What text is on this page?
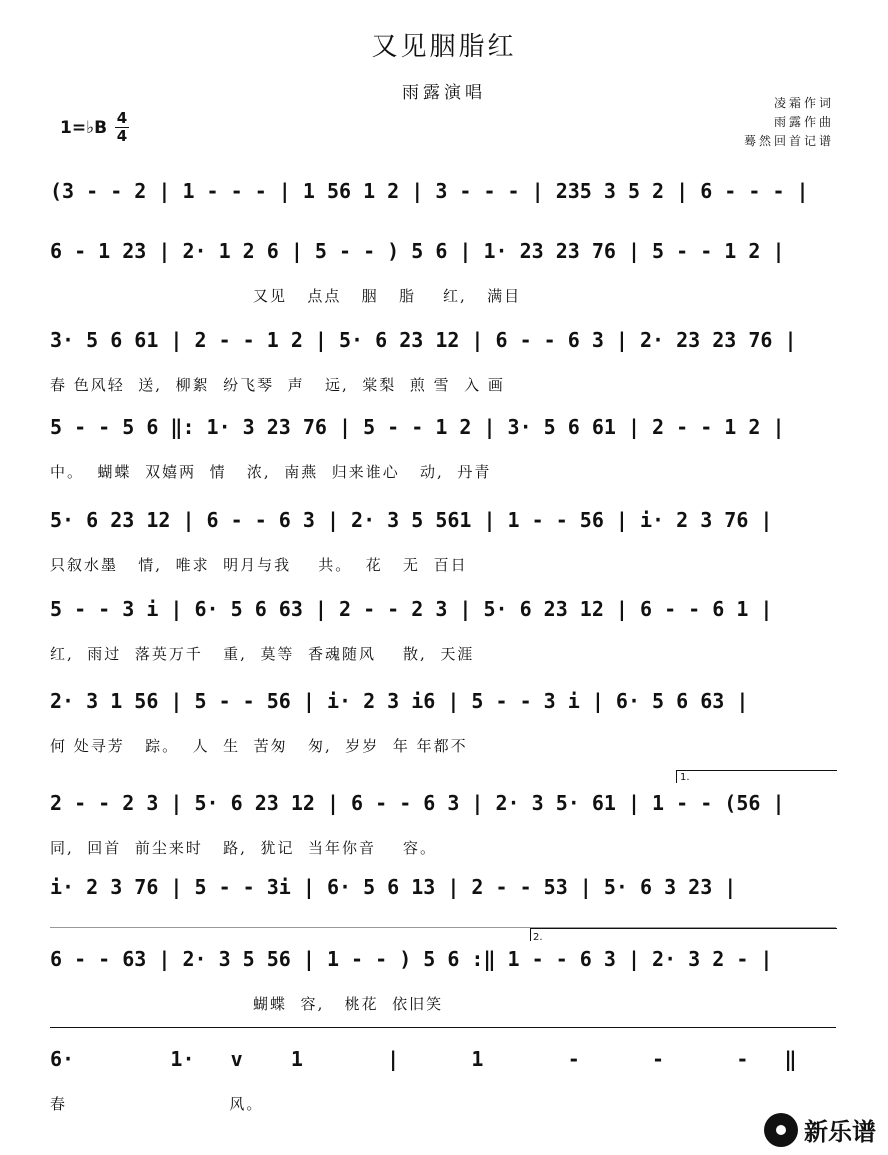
又见胭脂红
雨露演唱	凌霜作词
雨露作曲
蓦然回首记谱
1=♭B 4
4
(3 - - 2 | 1 - - - | 1 56 1 2 | 3 - - - | 235 3 5 2 | 6 - - - |
6 - 1 23 | 2· 1 2 6 | 5 - - ) 5 6 | 1· 23 23 76 | 5 - - 1 2 |
又见   点点   胭   脂    红,   满目
3· 5 6 61 | 2 - - 1 2 | 5· 6 23 12 | 6 - - 6 3 | 2· 23 23 76 |
春 色风轻  送,  柳絮  纷飞琴  声   远,  棠梨  煎 雪  入 画
5 - - 5 6 ‖: 1· 3 23 76 | 5 - - 1 2 | 3· 5 6 61 | 2 - - 1 2 |
中。  蝴蝶  双嬉两  情   浓,  南燕  归来谁心   动,  丹青
5· 6 23 12 | 6 - - 6 3 | 2· 3 5 561 | 1 - - 56 | i· 2 3 76 |
只叙水墨   情,  唯求  明月与我    共。  花   无  百日
5 - - 3 i | 6· 5 6 63 | 2 - - 2 3 | 5· 6 23 12 | 6 - - 6 1 |
红,  雨过  落英万千   重,  莫等  香魂随风    散,  天涯
2· 3 1 56 | 5 - - 56 | i· 2 3 i6 | 5 - - 3 i | 6· 5 6 63 |
何 处寻芳   踪。  人  生  苦匆   匆,  岁岁  年 年都不
1.
2 - - 2 3 | 5· 6 23 12 | 6 - - 6 3 | 2· 3 5· 61 | 1 - - (56 |
同,  回首  前尘来时   路,  犹记  当年你音    容。
i· 2 3 76 | 5 - - 3i | 6· 5 6 13 | 2 - - 53 | 5· 6 3 23 |
2.
6 - - 63 | 2· 3 5 56 | 1 - - ) 5 6 :‖ 1 - - 6 3 | 2· 3 2 - |
蝴蝶  容,   桃花  依旧笑
6·        1·   v    1       |      1       -      -      -   ‖
春                        风。
新乐谱
